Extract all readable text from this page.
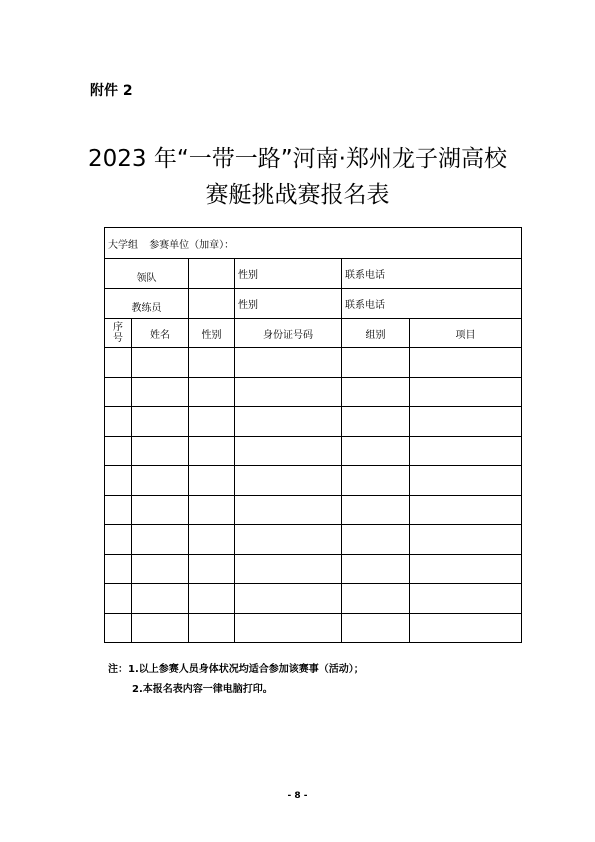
附件 2
2023 年“一带一路”河南·郑州龙子湖高校
赛艇挑战赛报名表
大学组 参赛单位（加章）：					
领队			性别	联系电话	
教练员			性别	联系电话	
序号	姓名	性别	身份证号码	组别	项目

注：1.以上参赛人员身体状况均适合参加该赛事（活动）；
2.本报名表内容一律电脑打印。
- 8 -
